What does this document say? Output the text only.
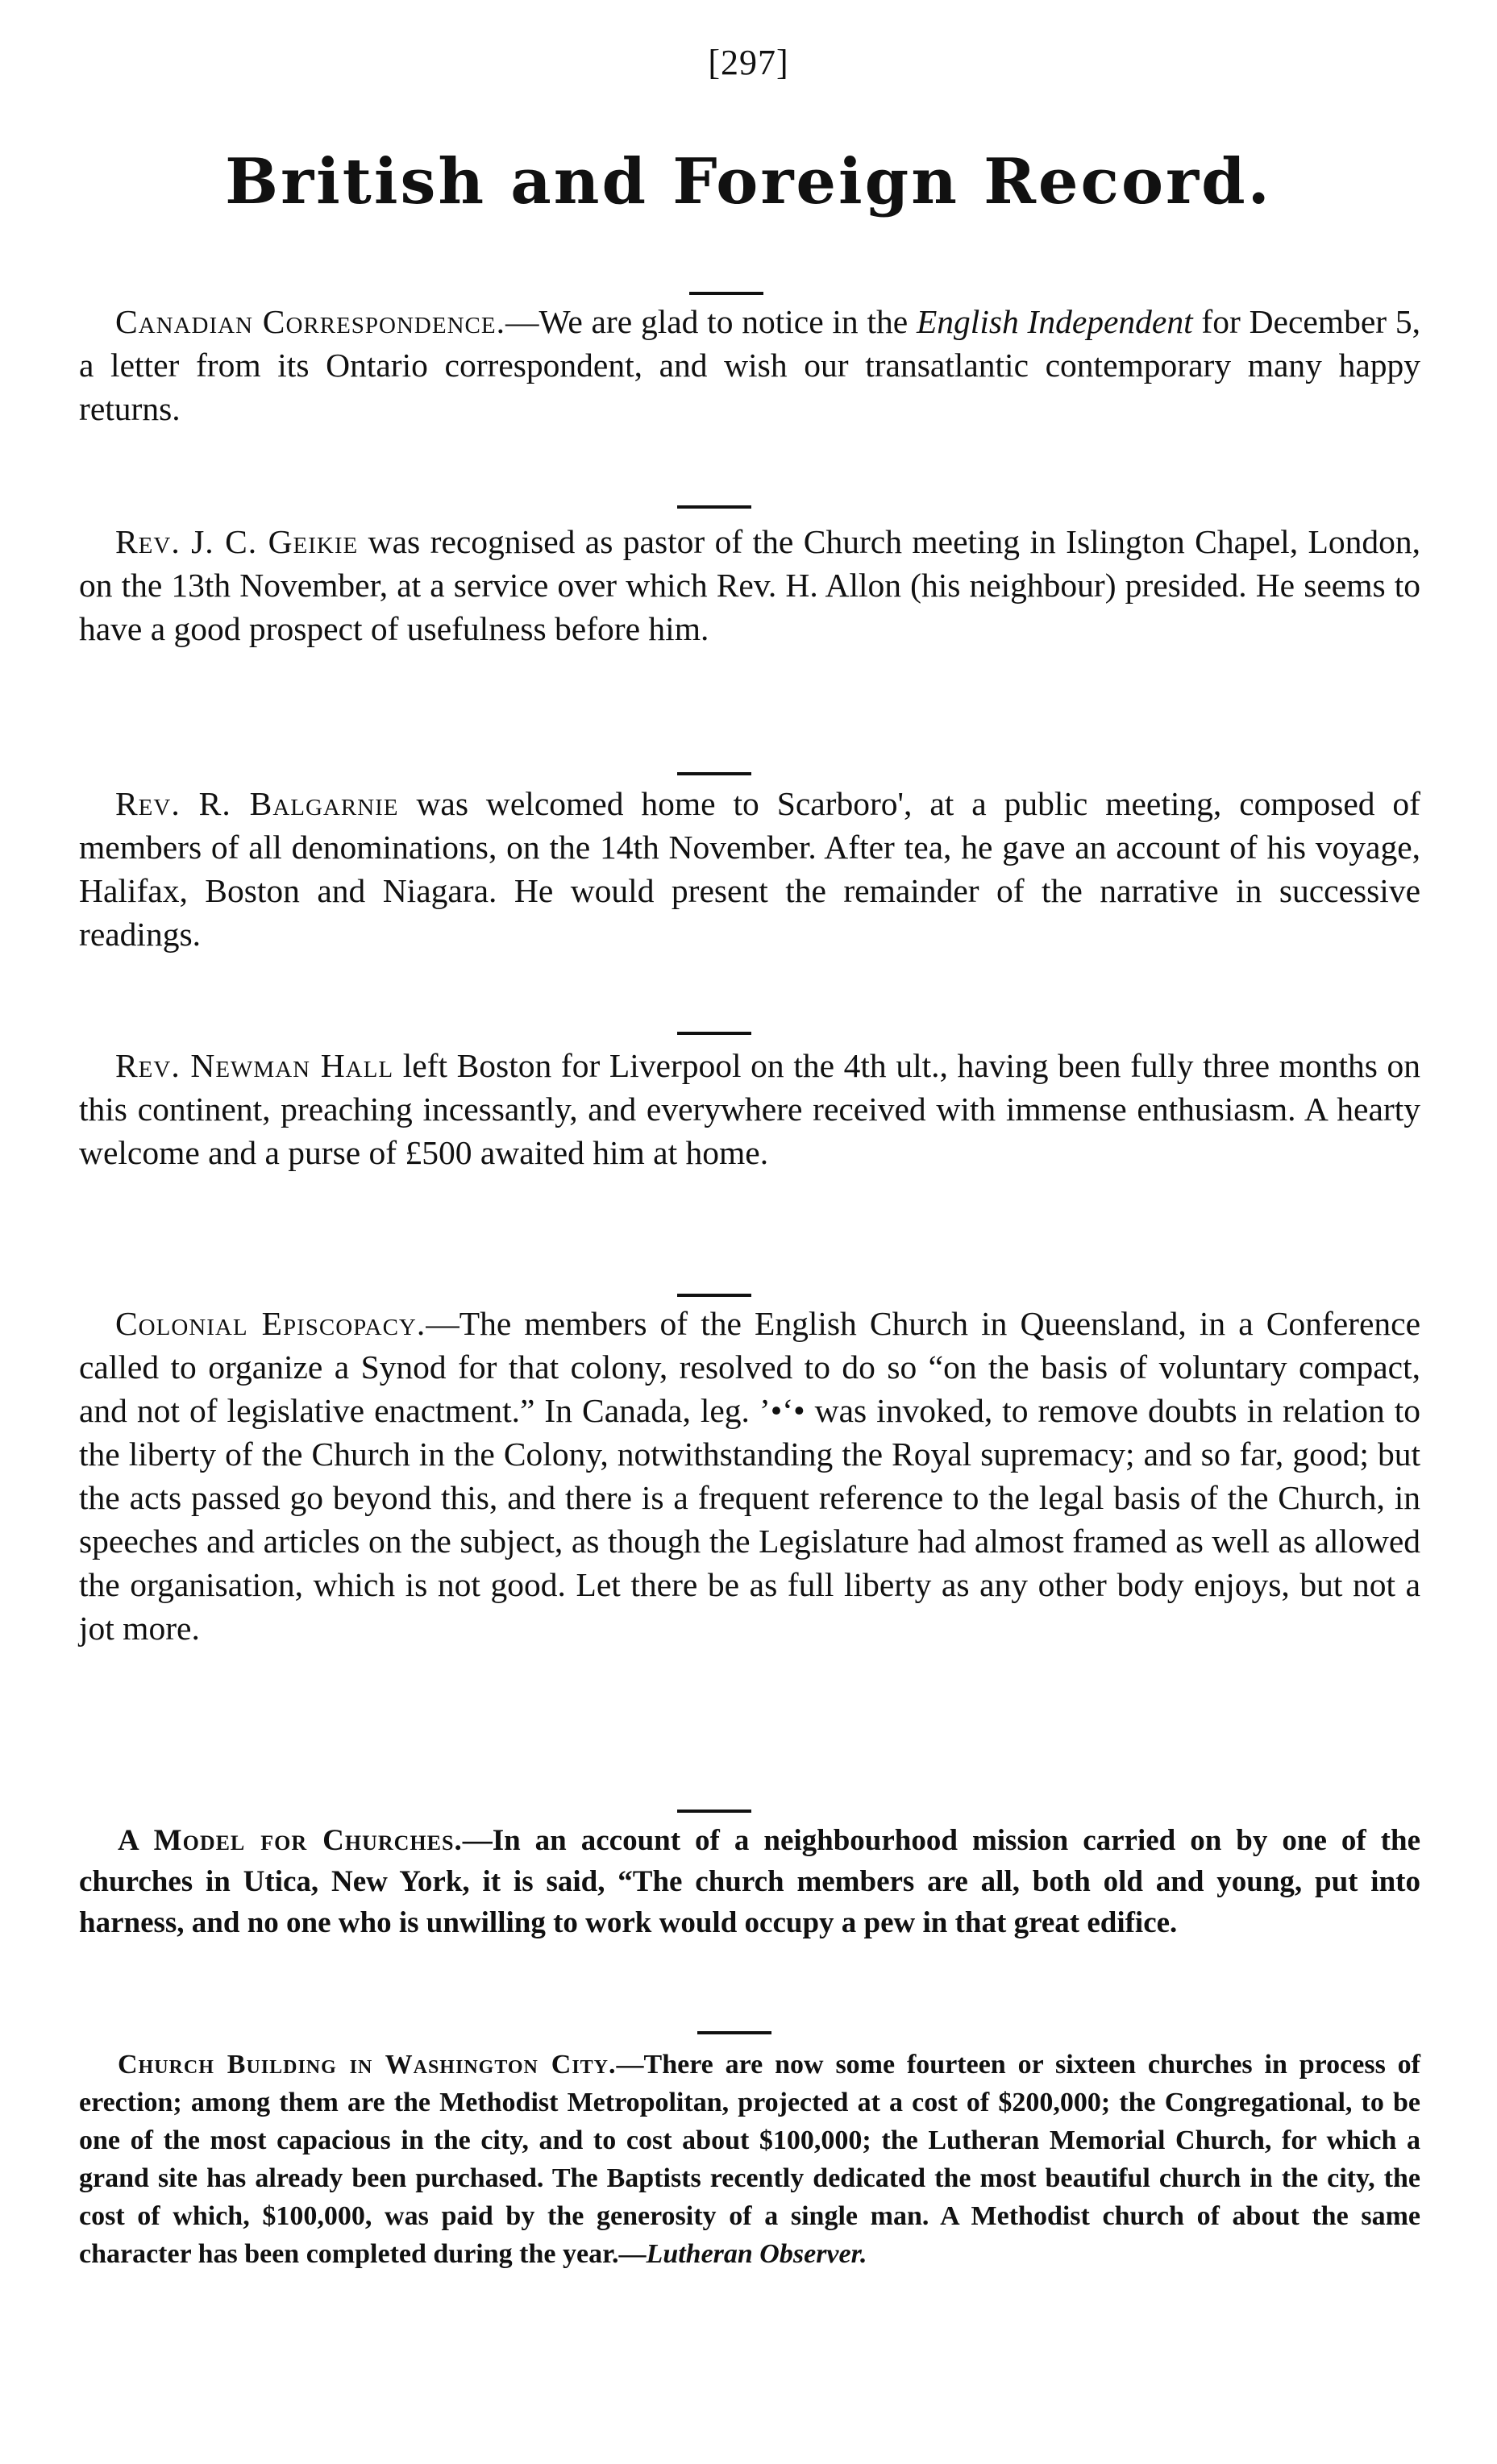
[297]
British and Foreign Record.

Canadian Correspondence.—We are glad to notice in the English Independent for December 5, a letter from its Ontario correspondent, and wish our transatlantic contemporary many happy returns.

Rev. J. C. Geikie was recognised as pastor of the Church meeting in Islington Chapel, London, on the 13th November, at a service over which Rev. H. Allon (his neighbour) presided. He seems to have a good prospect of usefulness before him.

Rev. R. Balgarnie was welcomed home to Scarboro', at a public meeting, composed of members of all denominations, on the 14th November. After tea, he gave an account of his voyage, Halifax, Boston and Niagara. He would present the remainder of the narrative in successive readings.

Rev. Newman Hall left Boston for Liverpool on the 4th ult., having been fully three months on this continent, preaching incessantly, and everywhere received with immense enthusiasm. A hearty welcome and a purse of £500 awaited him at home.

Colonial Episcopacy.—The members of the English Church in Queensland, in a Conference called to organize a Synod for that colony, resolved to do so “on the basis of voluntary compact, and not of legislative enactment.” In Canada, leg. ’•‘• was invoked, to remove doubts in relation to the liberty of the Church in the Colony, notwithstanding the Royal supremacy; and so far, good; but the acts passed go beyond this, and there is a frequent reference to the legal basis of the Church, in speeches and articles on the subject, as though the Legislature had almost framed as well as allowed the organisation, which is not good. Let there be as full liberty as any other body enjoys, but not a jot more.

A Model for Churches.—In an account of a neighbourhood mission carried on by one of the churches in Utica, New York, it is said, “The church members are all, both old and young, put into harness, and no one who is unwilling to work would occupy a pew in that great edifice.

Church Building in Washington City.—There are now some fourteen or sixteen churches in process of erection; among them are the Methodist Metropolitan, projected at a cost of $200,000; the Congregational, to be one of the most capacious in the city, and to cost about $100,000; the Lutheran Memorial Church, for which a grand site has already been purchased. The Baptists recently dedicated the most beautiful church in the city, the cost of which, $100,000, was paid by the generosity of a single man. A Methodist church of about the same character has been completed during the year.—Lutheran Observer.
